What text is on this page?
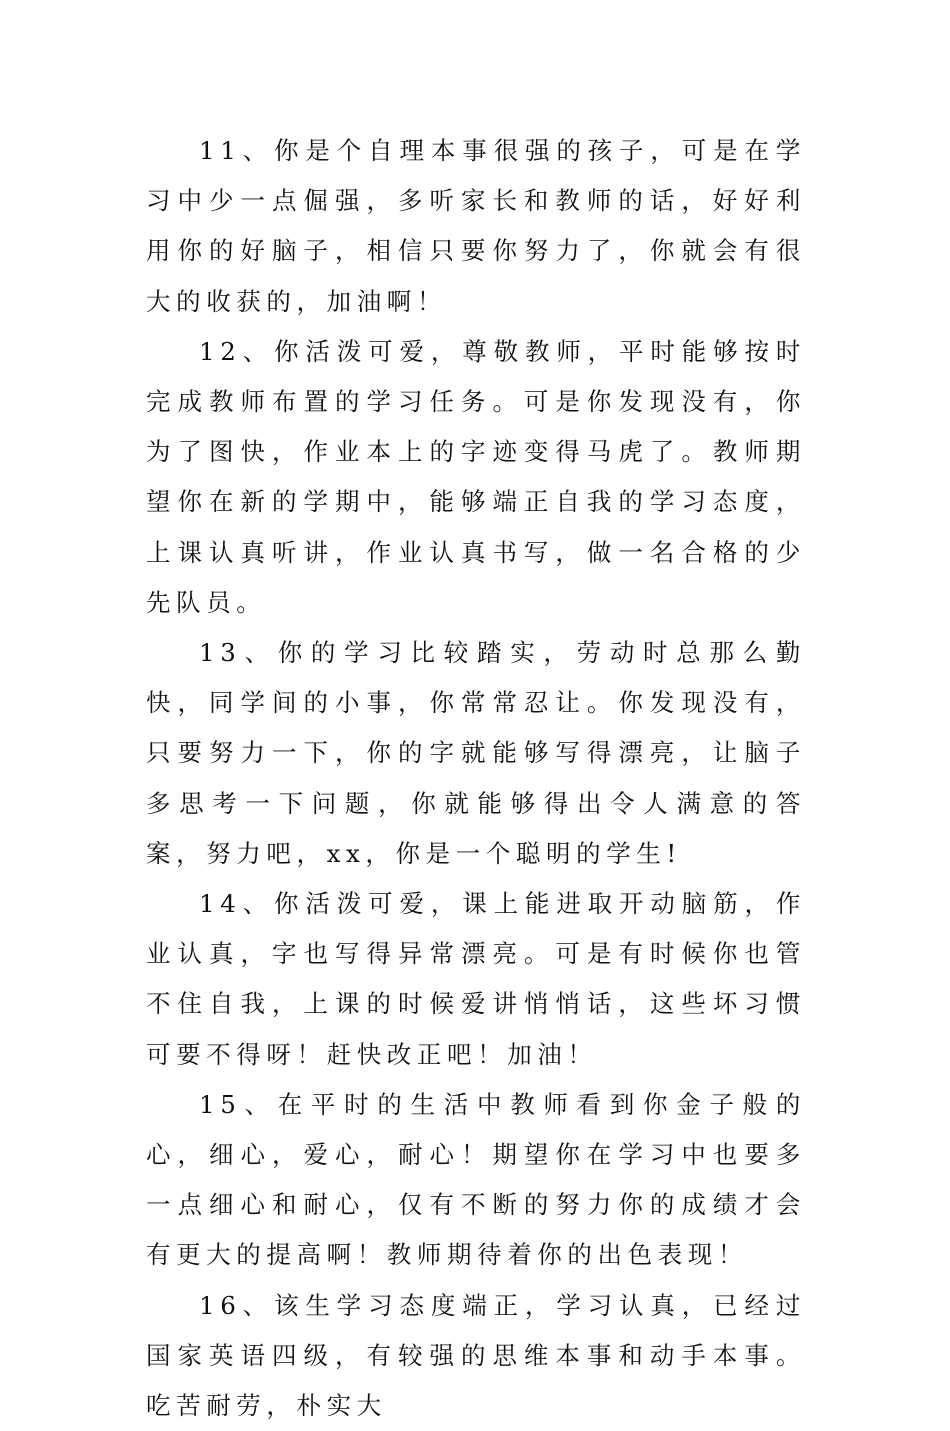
11、你是个自理本事很强的孩子，可是在学习中少一点倔强，多听家长和教师的话，好好利用你的好脑子，相信只要你努力了，你就会有很大的收获的，加油啊！

12、你活泼可爱，尊敬教师，平时能够按时完成教师布置的学习任务。可是你发现没有，你为了图快，作业本上的字迹变得马虎了。教师期望你在新的学期中，能够端正自我的学习态度，上课认真听讲，作业认真书写，做一名合格的少先队员。

13、你的学习比较踏实，劳动时总那么勤快，同学间的小事，你常常忍让。你发现没有，只要努力一下，你的字就能够写得漂亮，让脑子多思考一下问题，你就能够得出令人满意的答案，努力吧，xx，你是一个聪明的学生!

14、你活泼可爱，课上能进取开动脑筋，作业认真，字也写得异常漂亮。可是有时候你也管不住自我，上课的时候爱讲悄悄话，这些坏习惯可要不得呀！赶快改正吧！加油！

15、在平时的生活中教师看到你金子般的心，细心，爱心，耐心！期望你在学习中也要多一点细心和耐心，仅有不断的努力你的成绩才会有更大的提高啊！教师期待着你的出色表现！

16、该生学习态度端正，学习认真，已经过国家英语四级，有较强的思维本事和动手本事。吃苦耐劳，朴实大
